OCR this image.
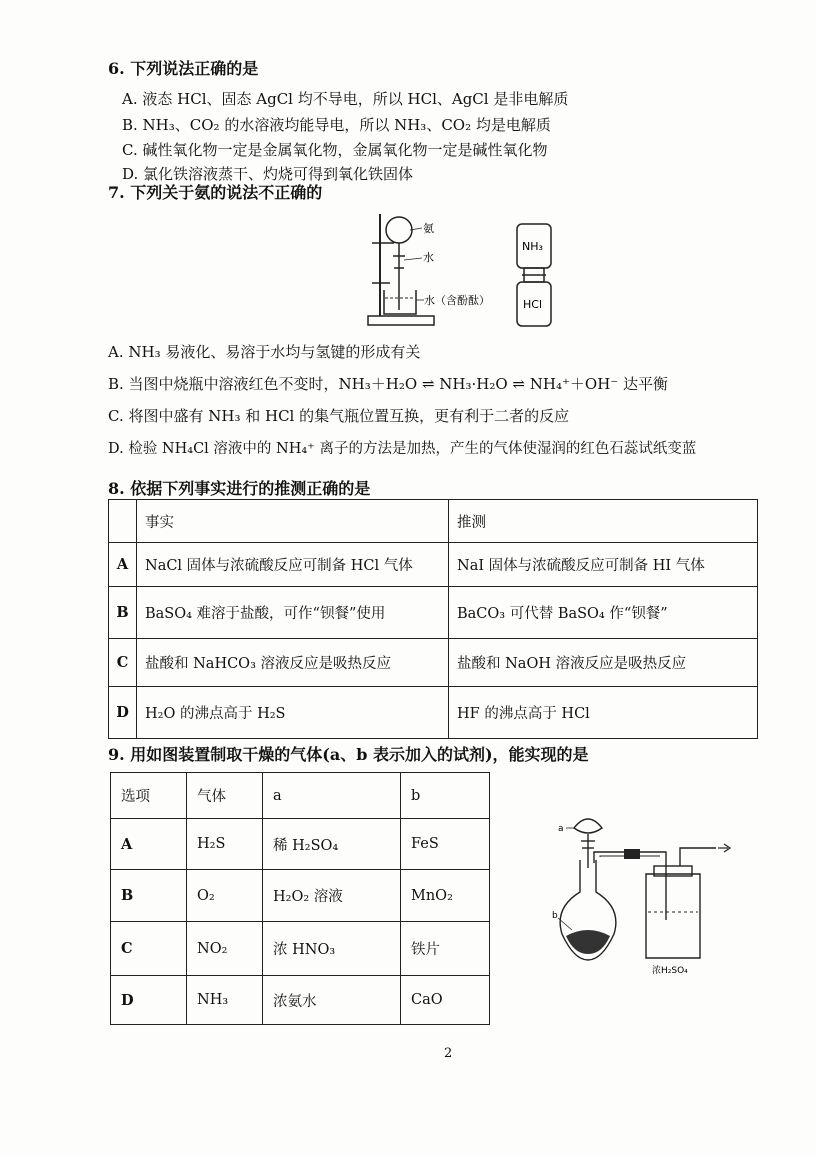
6. 下列说法正确的是
A. 液态 HCl、固态 AgCl 均不导电，所以 HCl、AgCl 是非电解质
B. NH₃、CO₂ 的水溶液均能导电，所以 NH₃、CO₂ 均是电解质
C. 碱性氧化物一定是金属氧化物，金属氧化物一定是碱性氧化物
D. 氯化铁溶液蒸干、灼烧可得到氧化铁固体
7. 下列关于氨的说法不正确的
氨
水
水（含酚酞）
NH₃
HCl
A. NH₃ 易液化、易溶于水均与氢键的形成有关
B. 当图中烧瓶中溶液红色不变时，NH₃＋H₂O ⇌ NH₃·H₂O ⇌ NH₄⁺＋OH⁻ 达平衡
C. 将图中盛有 NH₃ 和 HCl 的集气瓶位置互换，更有利于二者的反应
D. 检验 NH₄Cl 溶液中的 NH₄⁺ 离子的方法是加热，产生的气体使湿润的红色石蕊试纸变蓝
8. 依据下列事实进行的推测正确的是
	事实	推测
A	NaCl 固体与浓硫酸反应可制备 HCl 气体	NaI 固体与浓硫酸反应可制备 HI 气体
B	BaSO₄ 难溶于盐酸，可作“钡餐”使用	BaCO₃ 可代替 BaSO₄ 作“钡餐”
C	盐酸和 NaHCO₃ 溶液反应是吸热反应	盐酸和 NaOH 溶液反应是吸热反应
D	H₂O 的沸点高于 H₂S	HF 的沸点高于 HCl
9. 用如图装置制取干燥的气体(a、b 表示加入的试剂)，能实现的是
选项	气体	a	b
A	H₂S	稀 H₂SO₄	FeS
B	O₂	H₂O₂ 溶液	MnO₂
C	NO₂	浓 HNO₃	铁片
D	NH₃	浓氨水	CaO
a
b
浓H₂SO₄
2
